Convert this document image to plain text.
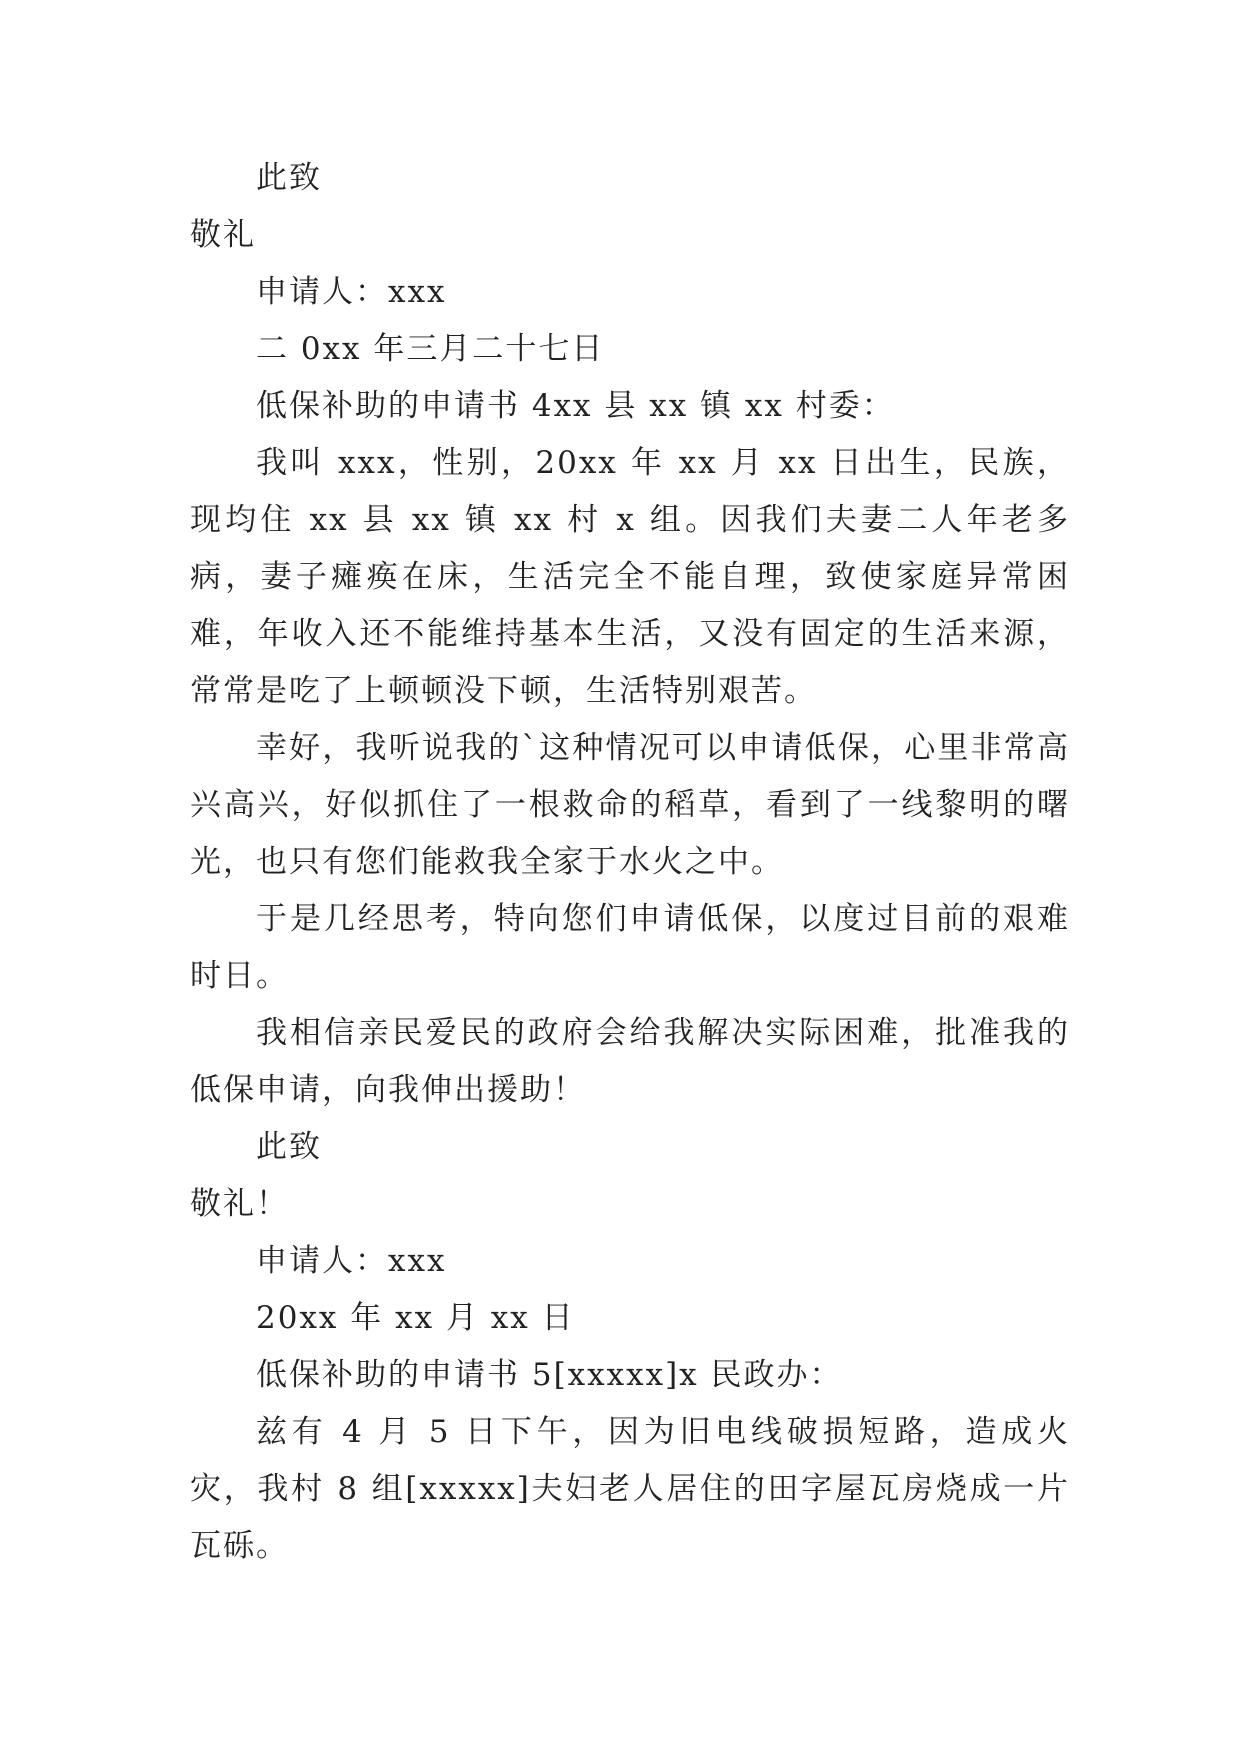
此致

敬礼

申请人：xxx

二 0xx 年三月二十七日

低保补助的申请书 4xx 县 xx 镇 xx 村委：

我叫 xxx，性别，20xx 年 xx 月 xx 日出生，民族，现均住 xx 县 xx 镇 xx 村 x 组。因我们夫妻二人年老多病，妻子瘫痪在床，生活完全不能自理，致使家庭异常困难，年收入还不能维持基本生活，又没有固定的生活来源，常常是吃了上顿顿没下顿，生活特别艰苦。

幸好，我听说我的`这种情况可以申请低保，心里非常高兴高兴，好似抓住了一根救命的稻草，看到了一线黎明的曙光，也只有您们能救我全家于水火之中。

于是几经思考，特向您们申请低保，以度过目前的艰难时日。

我相信亲民爱民的政府会给我解决实际困难，批准我的低保申请，向我伸出援助！

此致

敬礼！

申请人：xxx

20xx 年 xx 月 xx 日

低保补助的申请书 5[xxxxx]x 民政办：

兹有 4 月 5 日下午，因为旧电线破损短路，造成火灾，我村 8 组[xxxxx]夫妇老人居住的田字屋瓦房烧成一片瓦砾。
